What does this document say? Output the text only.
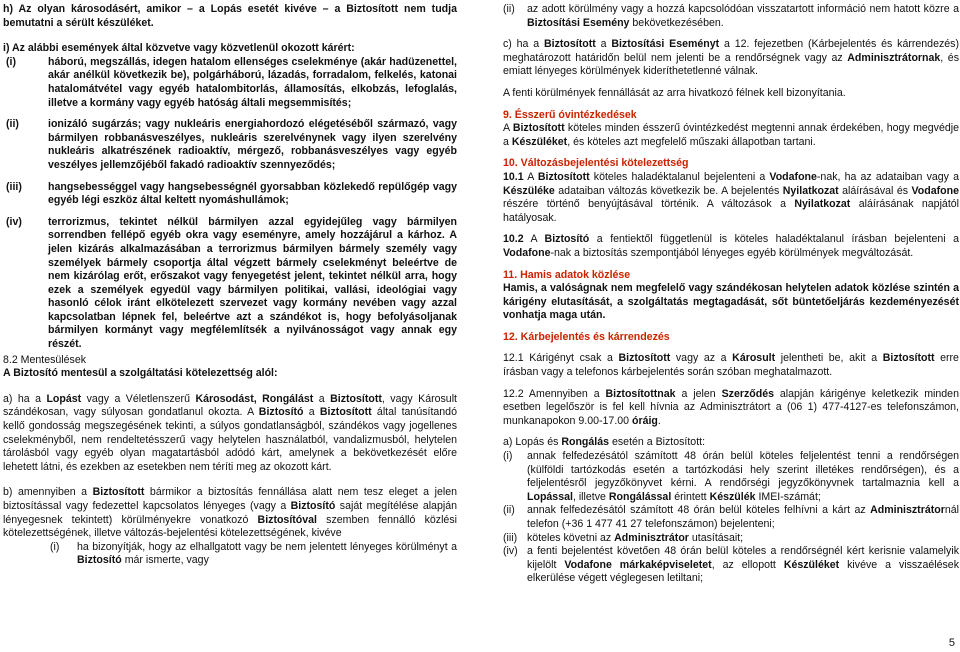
h) Az olyan károsodásért, amikor – a Lopás esetét kivéve – a Biztosított nem tudja bemutatni a sérült készüléket.

i) Az alábbi események által közvetve vagy közvetlenül okozott kárért:

(i)	háború, megszállás, idegen hatalom ellenséges cselekménye (akár hadüzenettel, akár anélkül következik be), polgárháború, lázadás, forradalom, felkelés, katonai hatalomátvétel vagy egyéb hatalombitorlás, államosítás, elkobzás, lefoglalás, illetve a kormány vagy egyéb hatóság általi megsemmisítés;
(ii)	ionizáló sugárzás; vagy nukleáris energiahordozó elégetéséből származó, vagy bármilyen robbanásveszélyes, nukleáris szerelvénynek vagy ilyen szerelvény nukleáris alkatrészének radioaktív, mérgező, robbanásveszélyes vagy egyéb veszélyes jellemzőjéből fakadó radioaktív szennyeződés;
(iii)	hangsebességgel vagy hangsebességnél gyorsabban közlekedő repülőgép vagy egyéb légi eszköz által keltett nyomáshullámok;
(iv)	terrorizmus, tekintet nélkül bármilyen azzal egyidejűleg vagy bármilyen sorrendben fellépő egyéb okra vagy eseményre, amely hozzájárul a kárhoz. A jelen kizárás alkalmazásában a terrorizmus bármilyen bármely személy vagy személyek bármely csoportja által végzett bármely cselekményt beleértve de nem kizárólag erőt, erőszakot vagy fenyegetést jelent, tekintet nélkül arra, hogy ezek a személyek egyedül vagy bármilyen politikai, vallási, ideológiai vagy hasonló célok iránt elkötelezett szervezet vagy kormány nevében vagy azzal kapcsolatban lépnek fel, beleértve azt a szándékot is, hogy befolyásoljanak bármilyen kormányt vagy megfélemlítsék a nyilvánosságot vagy annak egy részét.

8.2 Mentesülések

A Biztosító mentesül a szolgáltatási kötelezettség alól:

a) ha a Lopást vagy a Véletlenszerű Károsodást, Rongálást a Biztosított, vagy Károsult szándékosan, vagy súlyosan gondatlanul okozta. A Biztosító a Biztosított által tanúsítandó kellő gondosság megszegésének tekinti, a súlyos gondatlanságból, szándékos vagy jogellenes cselekményből, nem rendeltetésszerű vagy helytelen használatból, vandalizmusból, helytelen tárolásból vagy egyéb olyan magatartásból adódó kárt, amelynek a bekövetkezését előre lehetett látni, és ezekben az esetekben nem téríti meg az okozott kárt.

b) amennyiben a Biztosított bármikor a biztosítás fennállása alatt nem tesz eleget a jelen biztosítással vagy fedezettel kapcsolatos lényeges (vagy a Biztosító saját megítélése alapján lényegesnek tekintett) körülményekre vonatkozó Biztosítóval szemben fennálló közlési kötelezettségének, illetve változás-bejelentési kötelezettségének, kivéve

(i)	ha bizonyítják, hogy az elhallgatott vagy be nem jelentett lényeges körülményt a Biztosító már ismerte, vagy
(ii)	az adott körülmény vagy a hozzá kapcsolódóan visszatartott információ nem hatott közre a Biztosítási Esemény bekövetkezésében.

c) ha a Biztosított a Biztosítási Eseményt a 12. fejezetben (Kárbejelentés és kárrendezés) meghatározott határidőn belül nem jelenti be a rendőrségnek vagy az Adminisztrátornak, és emiatt lényeges körülmények kideríthetetlenné válnak.

A fenti körülmények fennállását az arra hivatkozó félnek kell bizonyítania.

9. Ésszerű óvintézkedések

A Biztosított köteles minden ésszerű óvintézkedést megtenni annak érdekében, hogy megvédje a Készüléket, és köteles azt megfelelő műszaki állapotban tartani.

10. Változásbejelentési kötelezettség

10.1 A Biztosított köteles haladéktalanul bejelenteni a Vodafone-nak, ha az adataiban vagy a Készüléke adataiban változás következik be. A bejelentés Nyilatkozat aláírásával és Vodafone részére történő benyújtásával történik. A változások a Nyilatkozat aláírásának napjától hatályosak.

10.2 A Biztosító a fentiektől függetlenül is köteles haladéktalanul írásban bejelenteni a Vodafone-nak a biztosítás szempontjából lényeges egyéb körülmények megváltozását.

11. Hamis adatok közlése

Hamis, a valóságnak nem megfelelő vagy szándékosan helytelen adatok közlése szintén a kárigény elutasítását, a szolgáltatás megtagadását, sőt büntetőeljárás kezdeményezését vonhatja maga után.

12. Kárbejelentés és kárrendezés

12.1 Kárigényt csak a Biztosított vagy az a Károsult jelentheti be, akit a Biztosított erre írásban vagy a telefonos kárbejelentés során szóban meghatalmazott.

12.2 Amennyiben a Biztosítottnak a jelen Szerződés alapján kárigénye keletkezik minden esetben legelőször is fel kell hívnia az Adminisztrátort a (06 1) 477-4127-es telefonszámon, munkanapokon 9.00-17.00 óráig.

a) Lopás és Rongálás esetén a Biztosított:

(i)	annak felfedezésától számított 48 órán belül köteles feljelentést tenni a rendőrségen (külföldi tartózkodás esetén a tartózkodási hely szerint illetékes rendőrségen), és a feljelentésről jegyzőkönyvet kérni. A rendőrségi jegyzőkönyvnek tartalmaznia kell a Lopással, illetve Rongálással érintett Készülék IMEI-számát;
(ii)	annak felfedezésától számított 48 órán belül köteles felhívni a kárt az Adminisztrátornál telefon (+36 1 477 41 27 telefonszámon) bejelenteni;
(iii) köteles követni az Adminisztrátor utasításait;
(iv) a fenti bejelentést követően 48 órán belül köteles a rendőrségnél kért kerisnie valamelyik kijelölt Vodafone márkaképviseletet, az ellopott Készüléket kivéve a visszaélések elkerülése végett véglegesen letiltani;
5
